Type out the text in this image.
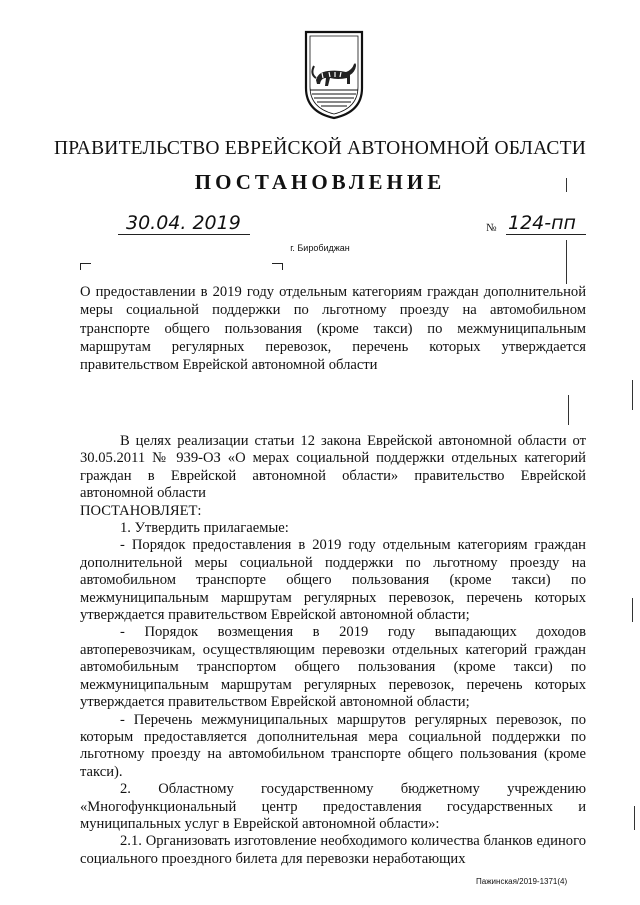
ПРАВИТЕЛЬСТВО ЕВРЕЙСКОЙ АВТОНОМНОЙ ОБЛАСТИ
ПОСТАНОВЛЕНИЕ
30.04. 2019	№ 124-пп
г. Биробиджан
О предоставлении в 2019 году отдельным категориям граждан дополнительной меры социальной поддержки по льготному проезду на автомобильном транспорте общего пользования (кроме такси) по межмуниципальным маршрутам регулярных перевозок, перечень которых утверждается правительством Еврейской автономной области

В целях реализации статьи 12 закона Еврейской автономной области от 30.05.2011 № 939-ОЗ «О мерах социальной поддержки отдельных категорий граждан в Еврейской автономной области» правительство Еврейской автономной области

ПОСТАНОВЛЯЕТ:

1. Утвердить прилагаемые:

- Порядок предоставления в 2019 году отдельным категориям граждан дополнительной меры социальной поддержки по льготному проезду на автомобильном транспорте общего пользования (кроме такси) по межмуниципальным маршрутам регулярных перевозок, перечень которых утверждается правительством Еврейской автономной области;

- Порядок возмещения в 2019 году выпадающих доходов автоперевозчикам, осуществляющим перевозки отдельных категорий граждан автомобильным транспортом общего пользования (кроме такси) по межмуниципальным маршрутам регулярных перевозок, перечень которых утверждается правительством Еврейской автономной области;

- Перечень межмуниципальных маршрутов регулярных перевозок, по которым предоставляется дополнительная мера социальной поддержки по льготному проезду на автомобильном транспорте общего пользования (кроме такси).

2. Областному государственному бюджетному учреждению «Многофункциональный центр предоставления государственных и муниципальных услуг в Еврейской автономной области»:

2.1. Организовать изготовление необходимого количества бланков единого социального проездного билета для перевозки неработающих

Пажинская/2019-1371(4)
